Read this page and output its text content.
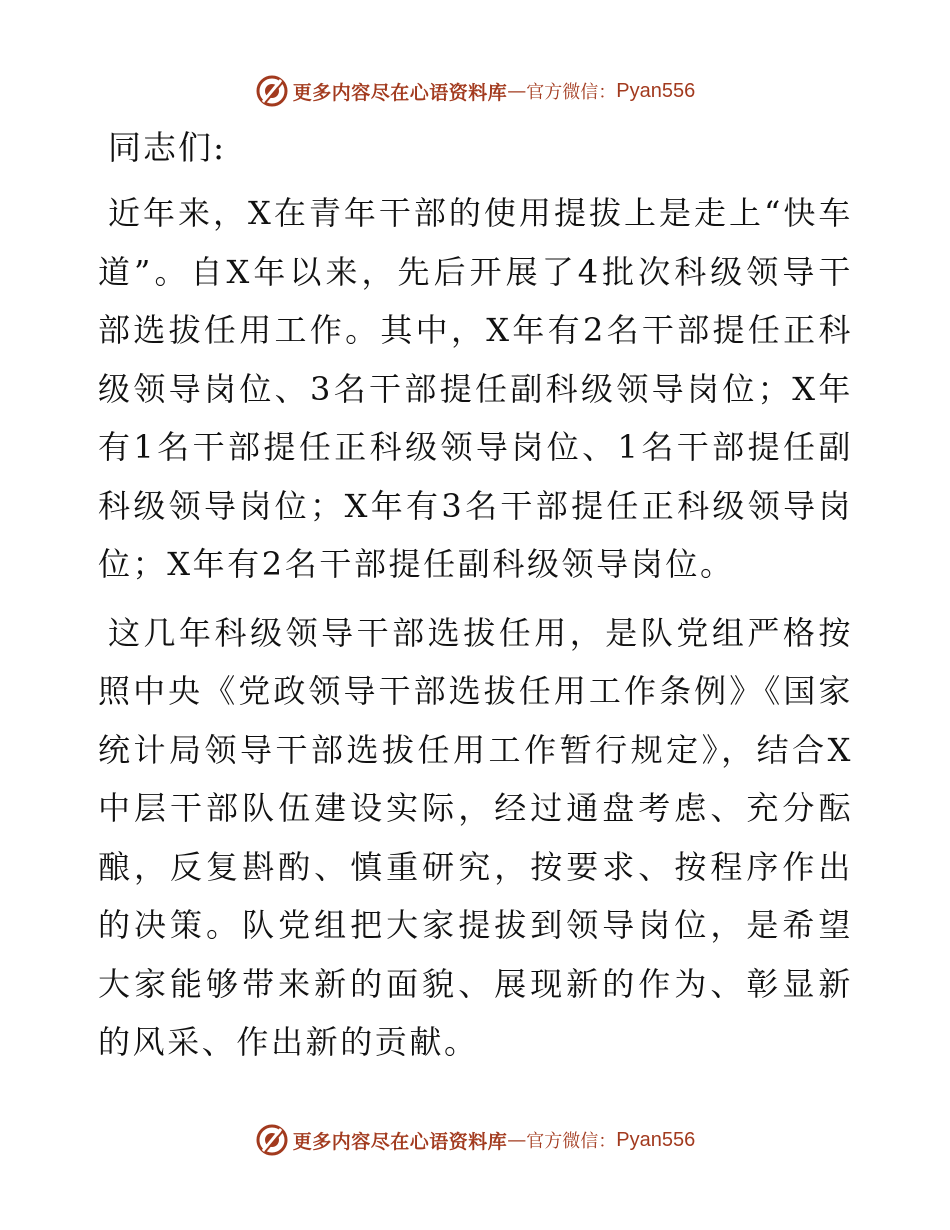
更多内容尽在心语资料库 — 官方微信： Pyan556
同志们:

近年来，X在青年干部的使用提拔上是走上“快车道”。自X年以来，先后开展了4批次科级领导干部选拔任用工作。其中，X年有2名干部提任正科级领导岗位、3名干部提任副科级领导岗位；X年有1名干部提任正科级领导岗位、1名干部提任副科级领导岗位；X年有3名干部提任正科级领导岗位；X年有2名干部提任副科级领导岗位。

这几年科级领导干部选拔任用，是队党组严格按照中央《党政领导干部选拔任用工作条例》《国家统计局领导干部选拔任用工作暂行规定》，结合X中层干部队伍建设实际，经过通盘考虑、充分酝酿，反复斟酌、慎重研究，按要求、按程序作出的决策。队党组把大家提拔到领导岗位，是希望大家能够带来新的面貌、展现新的作为、彰显新的风采、作出新的贡献。

更多内容尽在心语资料库 — 官方微信： Pyan556
